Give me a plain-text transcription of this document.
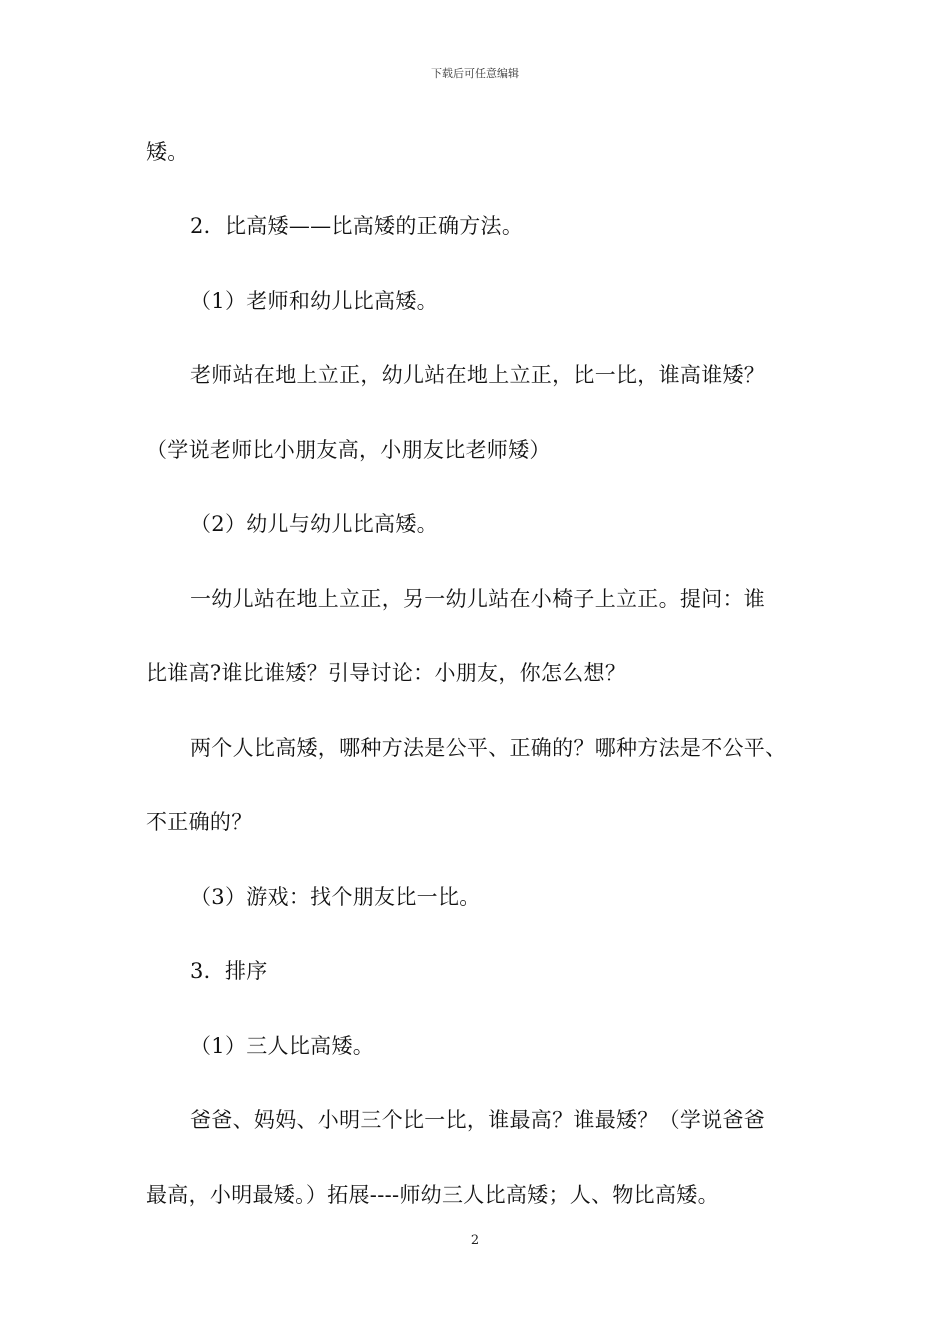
下载后可任意编辑
矮。
2．比高矮——比高矮的正确方法。
（1）老师和幼儿比高矮。
老师站在地上立正，幼儿站在地上立正，比一比，谁高谁矮？
（学说老师比小朋友高，小朋友比老师矮）
（2）幼儿与幼儿比高矮。
一幼儿站在地上立正，另一幼儿站在小椅子上立正。提问：谁
比谁高?谁比谁矮？引导讨论：小朋友，你怎么想？
两个人比高矮，哪种方法是公平、正确的？哪种方法是不公平、
不正确的？
（3）游戏：找个朋友比一比。
3．排序
（1）三人比高矮。
爸爸、妈妈、小明三个比一比，谁最高？谁最矮？（学说爸爸
最高，小明最矮。）拓展----师幼三人比高矮；人、物比高矮。
2
